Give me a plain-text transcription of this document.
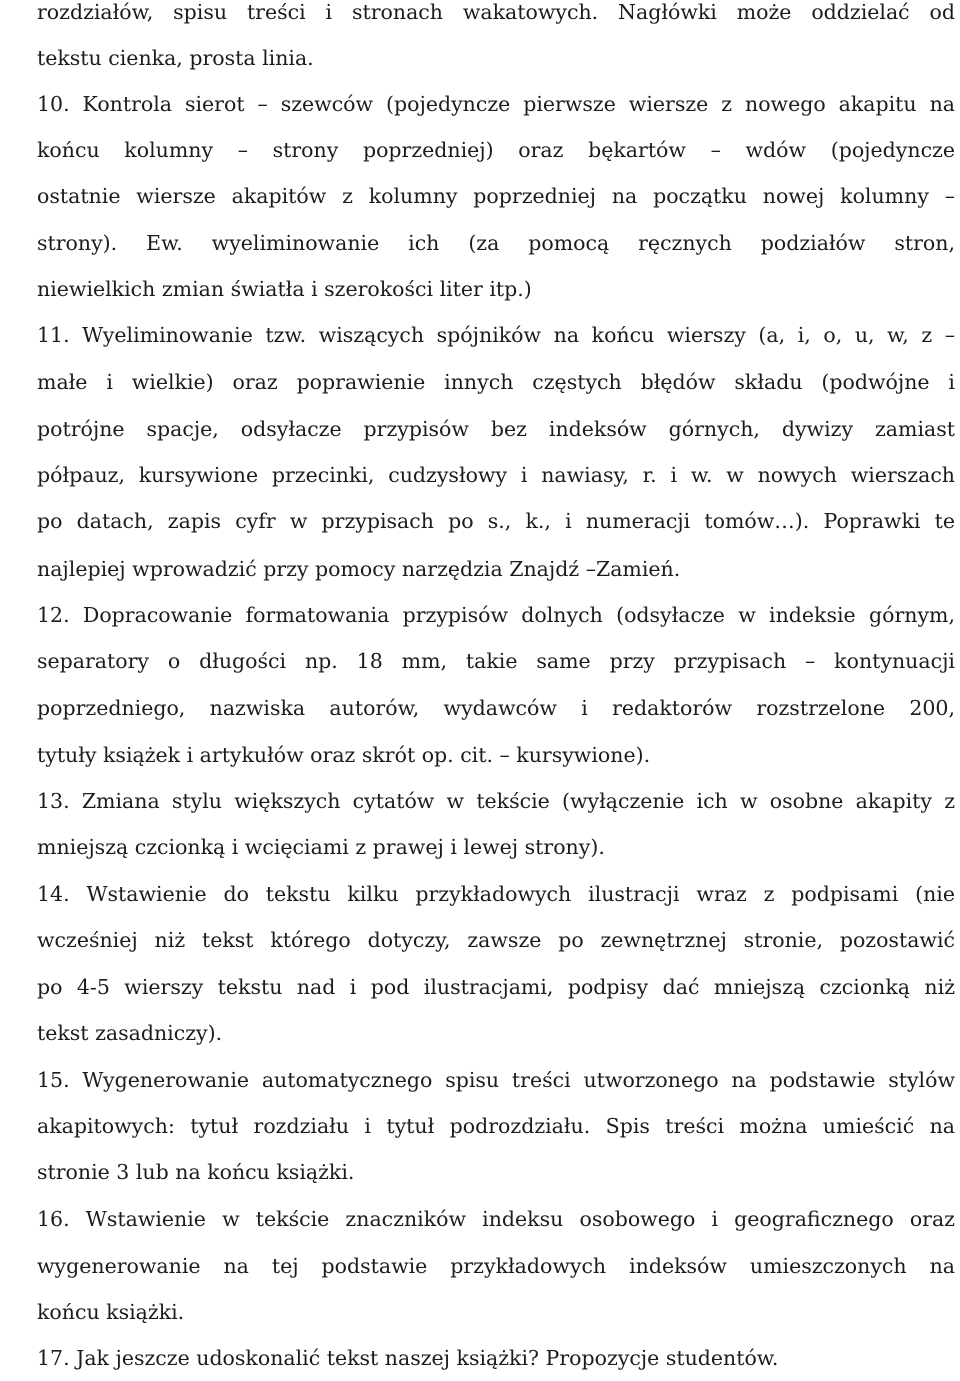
rozdziałów, spisu treści i stronach wakatowych. Nagłówki może oddzielać od
tekstu cienka, prosta linia.
10. Kontrola sierot – szewców (pojedyncze pierwsze wiersze z nowego akapitu na
końcu kolumny – strony poprzedniej) oraz bękartów – wdów (pojedyncze
ostatnie wiersze akapitów z kolumny poprzedniej na początku nowej kolumny –
strony). Ew. wyeliminowanie ich (za pomocą ręcznych podziałów stron,
niewielkich zmian światła i szerokości liter itp.)
11. Wyeliminowanie tzw. wiszących spójników na końcu wierszy (a, i, o, u, w, z –
małe i wielkie) oraz poprawienie innych częstych błędów składu (podwójne i
potrójne spacje, odsyłacze przypisów bez indeksów górnych, dywizy zamiast
półpauz, kursywione przecinki, cudzysłowy i nawiasy, r. i w. w nowych wierszach
po datach, zapis cyfr w przypisach po s., k., i numeracji tomów…). Poprawki te
najlepiej wprowadzić przy pomocy narzędzia Znajdź –Zamień.
12. Dopracowanie formatowania przypisów dolnych (odsyłacze w indeksie górnym,
separatory o długości np. 18 mm, takie same przy przypisach – kontynuacji
poprzedniego, nazwiska autorów, wydawców i redaktorów rozstrzelone 200,
tytuły książek i artykułów oraz skrót op. cit. – kursywione).
13. Zmiana stylu większych cytatów w tekście (wyłączenie ich w osobne akapity z
mniejszą czcionką i wcięciami z prawej i lewej strony).
14. Wstawienie do tekstu kilku przykładowych ilustracji wraz z podpisami (nie
wcześniej niż tekst którego dotyczy, zawsze po zewnętrznej stronie, pozostawić
po 4-5 wierszy tekstu nad i pod ilustracjami, podpisy dać mniejszą czcionką niż
tekst zasadniczy).
15. Wygenerowanie automatycznego spisu treści utworzonego na podstawie stylów
akapitowych: tytuł rozdziału i tytuł podrozdziału. Spis treści można umieścić na
stronie 3 lub na końcu książki.
16. Wstawienie w tekście znaczników indeksu osobowego i geograficznego oraz
wygenerowanie na tej podstawie przykładowych indeksów umieszczonych na
końcu książki.
17. Jak jeszcze udoskonalić tekst naszej książki? Propozycje studentów.
